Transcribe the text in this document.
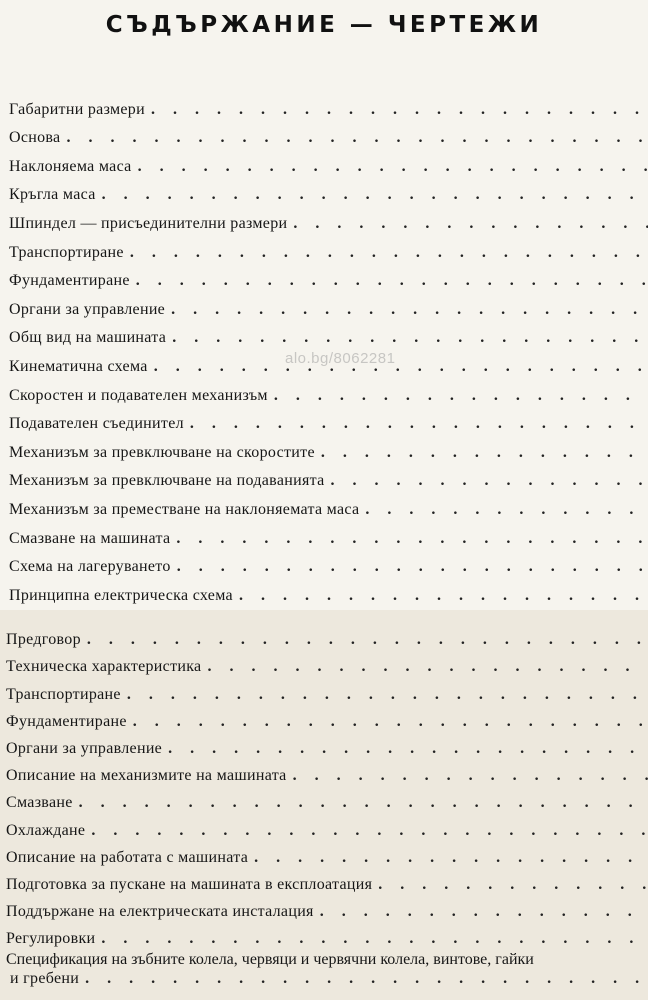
СЪДЪРЖАНИЕ — ЧЕРТЕЖИ
alo.bg/8062281
Габаритни размери
. . .
Основа
. . .
Наклоняема маса
. . .
Кръгла маса
. . .
Шпиндел — присъединителни размери
. . .
Транспортиране
. . .
Фундаментиране
. . .
Органи за управление
. . .
Общ вид на машината
. . .
Кинематична схема
. . .
Скоростен и подавателен механизъм
. . .
Подавателен съединител
. . .
Механизъм за превключване на скоростите
. . .
Механизъм за превключване на подаванията
. . .
Механизъм за преместване на наклоняемата маса
. . .
Смазване на машината
. . .
Схема на лагеруването
. . .
Принципна електрическа схема
. . .
Предговор
. . .
Техническа характеристика
. . .
Транспортиране
. . .
Фундаментиране
. . .
Органи за управление
. . .
Описание на механизмите на машината
. . .
Смазване
. . .
Охлаждане
. . .
Описание на работата с машината
. . .
Подготовка за пускане на машината в експлоатация
. . .
Поддържане на електрическата инсталация
. . .
Регулировки
. . .
Спецификация на зъбните колела, червяци и червячни колела, винтове, гайки
и гребени
. . .
